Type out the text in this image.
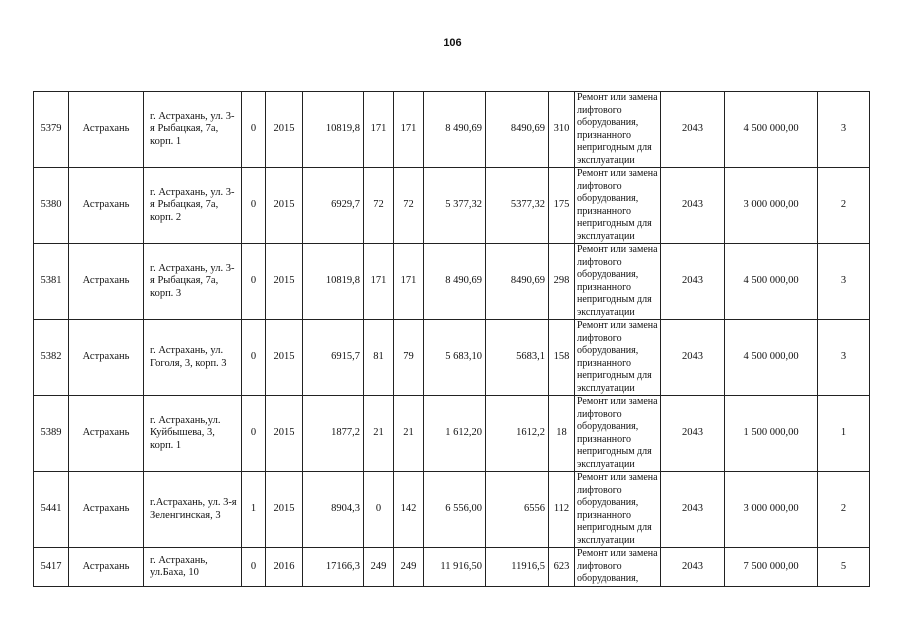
106
5379	Астрахань	г. Астрахань, ул. 3-я Рыбацкая, 7а, корп. 1	0	2015	10819,8	171	171	8 490,69	8490,69	310	Ремонт или замена лифтового оборудования, признанного непригодным для эксплуатации	2043	4 500 000,00	3
5380	Астрахань	г. Астрахань, ул. 3-я Рыбацкая, 7а, корп. 2	0	2015	6929,7	72	72	5 377,32	5377,32	175	Ремонт или замена лифтового оборудования, признанного непригодным для эксплуатации	2043	3 000 000,00	2
5381	Астрахань	г. Астрахань, ул. 3-я Рыбацкая, 7а, корп. 3	0	2015	10819,8	171	171	8 490,69	8490,69	298	Ремонт или замена лифтового оборудования, признанного непригодным для эксплуатации	2043	4 500 000,00	3
5382	Астрахань	г. Астрахань, ул. Гоголя, 3, корп. 3	0	2015	6915,7	81	79	5 683,10	5683,1	158	Ремонт или замена лифтового оборудования, признанного непригодным для эксплуатации	2043	4 500 000,00	3
5389	Астрахань	г. Астрахань,ул. Куйбышева, 3, корп. 1	0	2015	1877,2	21	21	1 612,20	1612,2	18	Ремонт или замена лифтового оборудования, признанного непригодным для эксплуатации	2043	1 500 000,00	1
5441	Астрахань	г.Астрахань, ул. 3-я Зеленгинская, 3	1	2015	8904,3	0	142	6 556,00	6556	112	Ремонт или замена лифтового оборудования, признанного непригодным для эксплуатации	2043	3 000 000,00	2
5417	Астрахань	г. Астрахань, ул.Баха, 10	0	2016	17166,3	249	249	11 916,50	11916,5	623	Ремонт или замена лифтового оборудования,	2043	7 500 000,00	5
